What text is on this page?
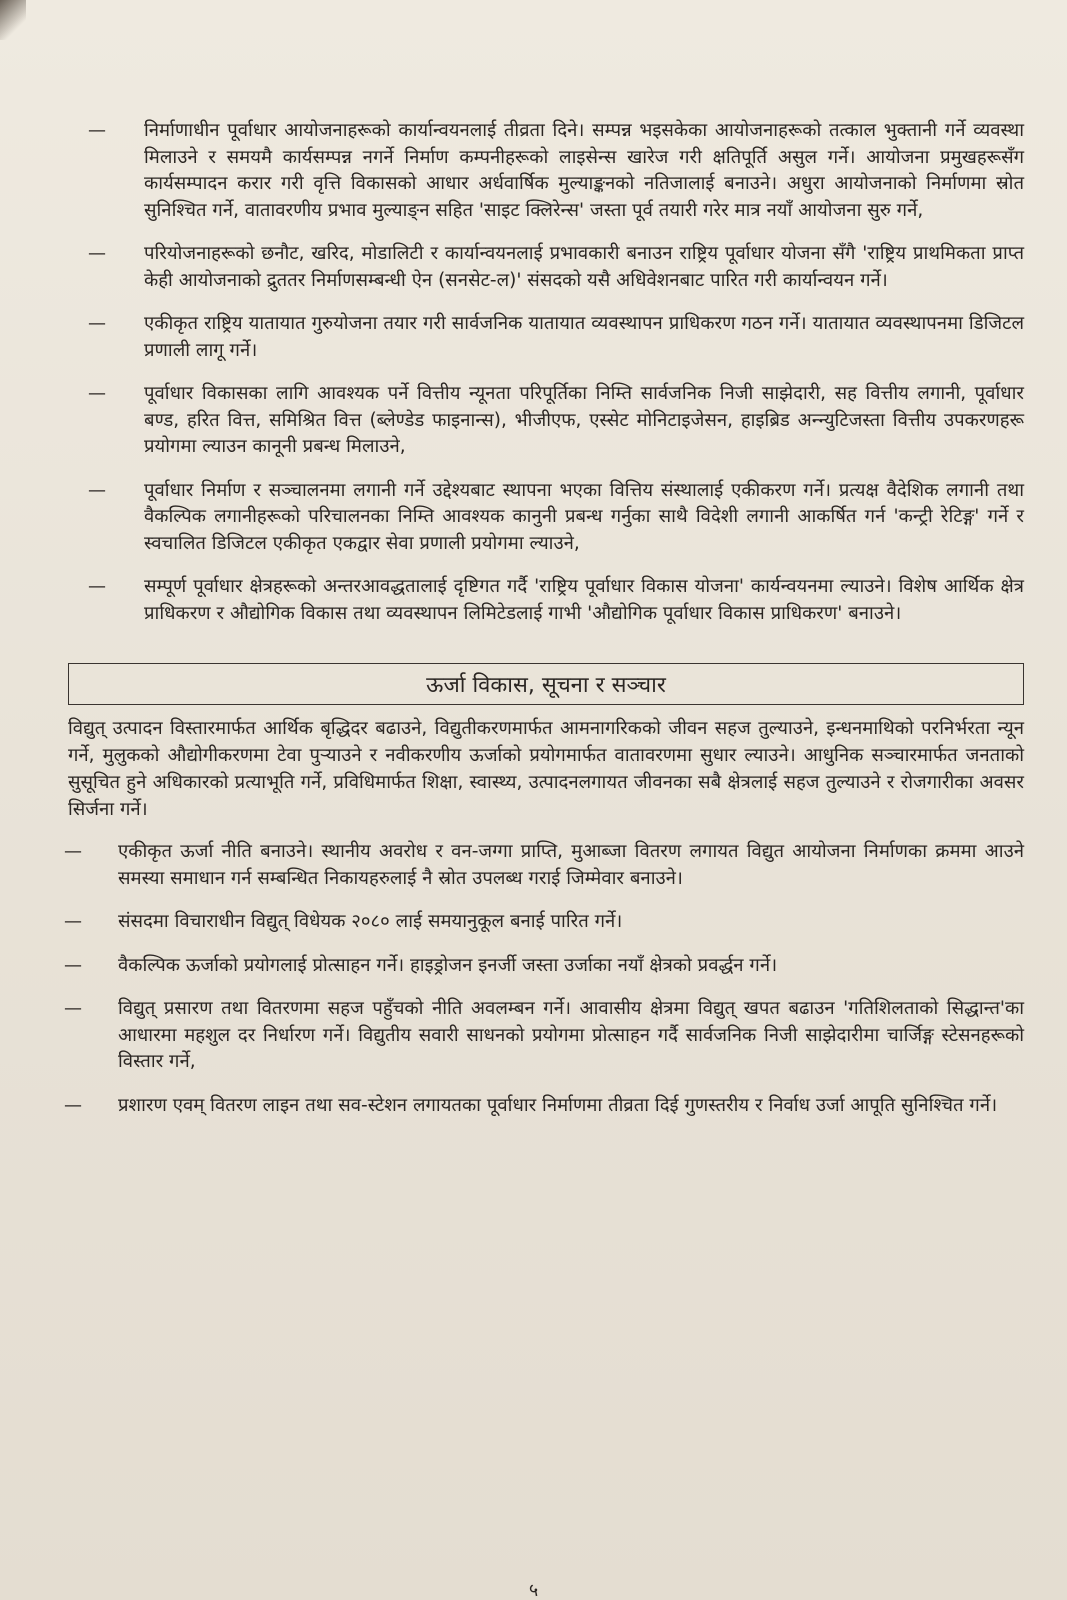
—	निर्माणाधीन पूर्वाधार आयोजनाहरूको कार्यान्वयनलाई तीव्रता दिने। सम्पन्न भइसकेका आयोजनाहरूको तत्काल भुक्तानी गर्ने व्यवस्था मिलाउने र समयमै कार्यसम्पन्न नगर्ने निर्माण कम्पनीहरूको लाइसेन्स खारेज गरी क्षतिपूर्ति असुल गर्ने। आयोजना प्रमुखहरूसँग कार्यसम्पादन करार गरी वृत्ति विकासको आधार अर्धवार्षिक मुल्याङ्कनको नतिजालाई बनाउने। अधुरा आयोजनाको निर्माणमा स्रोत सुनिश्चित गर्ने, वातावरणीय प्रभाव मुल्याङ्न सहित 'साइट क्लिरेन्स' जस्ता पूर्व तयारी गरेर मात्र नयाँ आयोजना सुरु गर्ने,
—	परियोजनाहरूको छनौट, खरिद, मोडालिटी र कार्यान्वयनलाई प्रभावकारी बनाउन राष्ट्रिय पूर्वाधार योजना सँगै 'राष्ट्रिय प्राथमिकता प्राप्त केही आयोजनाको द्रुततर निर्माणसम्बन्धी ऐन (सनसेट-ल)' संसदको यसै अधिवेशनबाट पारित गरी कार्यान्वयन गर्ने।
—	एकीकृत राष्ट्रिय यातायात गुरुयोजना तयार गरी सार्वजनिक यातायात व्यवस्थापन प्राधिकरण गठन गर्ने। यातायात व्यवस्थापनमा डिजिटल प्रणाली लागू गर्ने।
—	पूर्वाधार विकासका लागि आवश्यक पर्ने वित्तीय न्यूनता परिपूर्तिका निम्ति सार्वजनिक निजी साझेदारी, सह वित्तीय लगानी, पूर्वाधार बण्ड, हरित वित्त, समिश्रित वित्त (ब्लेण्डेड फाइनान्स), भीजीएफ, एस्सेट मोनिटाइजेसन, हाइब्रिड अन्न्युटिजस्ता वित्तीय उपकरणहरू प्रयोगमा ल्याउन कानूनी प्रबन्ध मिलाउने,
—	पूर्वाधार निर्माण र सञ्चालनमा लगानी गर्ने उद्देश्यबाट स्थापना भएका वित्तिय संस्थालाई एकीकरण गर्ने। प्रत्यक्ष वैदेशिक लगानी तथा वैकल्पिक लगानीहरूको परिचालनका निम्ति आवश्यक कानुनी प्रबन्ध गर्नुका साथै विदेशी लगानी आकर्षित गर्न 'कन्ट्री रेटिङ्ग' गर्ने र स्वचालित डिजिटल एकीकृत एकद्वार सेवा प्रणाली प्रयोगमा ल्याउने,
—	सम्पूर्ण पूर्वाधार क्षेत्रहरूको अन्तरआवद्धतालाई दृष्टिगत गर्दै 'राष्ट्रिय पूर्वाधार विकास योजना' कार्यन्वयनमा ल्याउने। विशेष आर्थिक क्षेत्र प्राधिकरण र औद्योगिक विकास तथा व्यवस्थापन लिमिटेडलाई गाभी 'औद्योगिक पूर्वाधार विकास प्राधिकरण' बनाउने।
ऊर्जा विकास, सूचना र सञ्चार

विद्युत् उत्पादन विस्तारमार्फत आर्थिक बृद्धिदर बढाउने, विद्युतीकरणमार्फत आमनागरिकको जीवन सहज तुल्याउने, इन्धनमाथिको परनिर्भरता न्यून गर्ने, मुलुकको औद्योगीकरणमा टेवा पुऱ्याउने र नवीकरणीय ऊर्जाको प्रयोगमार्फत वातावरणमा सुधार ल्याउने। आधुनिक सञ्चारमार्फत जनताको सुसूचित हुने अधिकारको प्रत्याभूति गर्ने, प्रविधिमार्फत शिक्षा, स्वास्थ्य, उत्पादनलगायत जीवनका सबै क्षेत्रलाई सहज तुल्याउने र रोजगारीका अवसर सिर्जना गर्ने।

—	एकीकृत ऊर्जा नीति बनाउने। स्थानीय अवरोध र वन-जग्गा प्राप्ति, मुआब्जा वितरण लगायत विद्युत आयोजना निर्माणका क्रममा आउने समस्या समाधान गर्न सम्बन्धित निकायहरुलाई नै स्रोत उपलब्ध गराई जिम्मेवार बनाउने।
—	संसदमा विचाराधीन विद्युत् विधेयक २०८० लाई समयानुकूल बनाई पारित गर्ने।
—	वैकल्पिक ऊर्जाको प्रयोगलाई प्रोत्साहन गर्ने। हाइड्रोजन इनर्जी जस्ता उर्जाका नयाँ क्षेत्रको प्रवर्द्धन गर्ने।
—	विद्युत् प्रसारण तथा वितरणमा सहज पहुँचको नीति अवलम्बन गर्ने। आवासीय क्षेत्रमा विद्युत् खपत बढाउन 'गतिशिलताको सिद्धान्त'का आधारमा महशुल दर निर्धारण गर्ने। विद्युतीय सवारी साधनको प्रयोगमा प्रोत्साहन गर्दै सार्वजनिक निजी साझेदारीमा चार्जिङ्ग स्टेसनहरूको विस्तार गर्ने,
—	प्रशारण एवम् वितरण लाइन तथा सव-स्टेशन लगायतका पूर्वाधार निर्माणमा तीव्रता दिई गुणस्तरीय र निर्वाध उर्जा आपूति सुनिश्चित गर्ने।
५
